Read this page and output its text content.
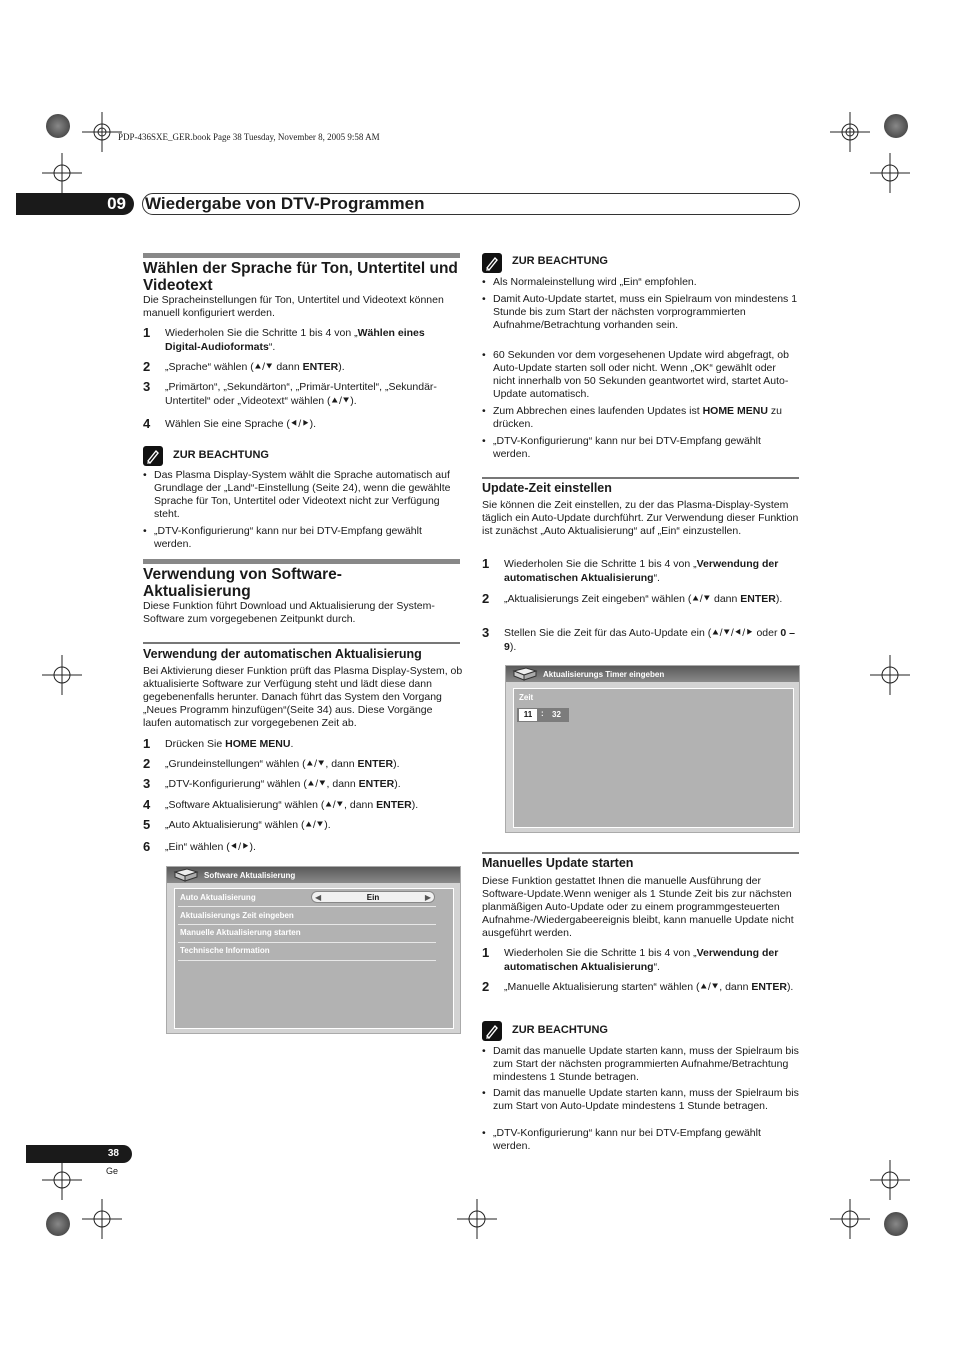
PDP-436SXE_GER.book Page 38 Tuesday, November 8, 2005 9:58 AM
09	Wiedergabe von DTV-Programmen
Wählen der Sprache für Ton, Untertitel und Videotext
Die Spracheinstellungen für Ton, Untertitel und Videotext können manuell konfiguriert werden.
1 Wiederholen Sie die Schritte 1 bis 4 von „Wählen eines Digital-Audioformats“.
2 „Sprache“ wählen (⯅/⯆ dann ENTER).
3 „Primärton“, „Sekundärton“, „Primär-Untertitel“, „Sekundär-Untertitel“ oder „Videotext“ wählen (⯅/⯆).
4 Wählen Sie eine Sprache (⯇/⯈).
ZUR BEACHTUNG
• Das Plasma Display-System wählt die Sprache automatisch auf Grundlage der „Land“-Einstellung (Seite 24), wenn die gewählte Sprache für Ton, Untertitel oder Videotext nicht zur Verfügung steht.
• „DTV-Konfigurierung“ kann nur bei DTV-Empfang gewählt werden.
Verwendung von Software-Aktualisierung
Diese Funktion führt Download und Aktualisierung der System-Software zum vorgegebenen Zeitpunkt durch.
Verwendung der automatischen Aktualisierung
Bei Aktivierung dieser Funktion prüft das Plasma Display-System, ob aktualisierte Software zur Verfügung steht und lädt diese dann gegebenenfalls herunter. Danach führt das System den Vorgang „Neues Programm hinzufügen“(Seite 34) aus. Diese Vorgänge laufen automatisch zur vorgegebenen Zeit ab.
1 Drücken Sie HOME MENU.
2 „Grundeinstellungen“ wählen (⯅/⯆, dann ENTER).
3 „DTV-Konfigurierung“ wählen (⯅/⯆, dann ENTER).
4 „Software Aktualisierung“ wählen (⯅/⯆, dann ENTER).
5 „Auto Aktualisierung“ wählen (⯅/⯆).
6 „Ein“ wählen (⯇/⯈).
Software Aktualisierung
Auto Aktualisierung	◀	Ein	▶
Aktualisierungs Zeit eingeben
Manuelle Aktualisierung starten
Technische Information
ZUR BEACHTUNG
• Als Normaleinstellung wird „Ein“ empfohlen.
• Damit Auto-Update startet, muss ein Spielraum von mindestens 1 Stunde bis zum Start der nächsten vorprogrammierten Aufnahme/Betrachtung vorhanden sein.
• 60 Sekunden vor dem vorgesehenen Update wird abgefragt, ob Auto-Update starten soll oder nicht. Wenn „OK“ gewählt oder nicht innerhalb von 50 Sekunden geantwortet wird, startet Auto-Update automatisch.
• Zum Abbrechen eines laufenden Updates ist HOME MENU zu drücken.
• „DTV-Konfigurierung“ kann nur bei DTV-Empfang gewählt werden.
Update-Zeit einstellen
Sie können die Zeit einstellen, zu der das Plasma-Display-System täglich ein Auto-Update durchführt. Zur Verwendung dieser Funktion ist zunächst „Auto Aktualisierung“ auf „Ein“ einzustellen.
1 Wiederholen Sie die Schritte 1 bis 4 von „Verwendung der automatischen Aktualisierung“.
2 „Aktualisierungs Zeit eingeben“ wählen (⯅/⯆ dann ENTER).
3 Stellen Sie die Zeit für das Auto-Update ein (⯅/⯆/⯇/⯈ oder 0 – 9).
Aktualisierungs Timer eingeben
Zeit
11	: 32
Manuelles Update starten
Diese Funktion gestattet Ihnen die manuelle Ausführung der Software-Update.Wenn weniger als 1 Stunde Zeit bis zur nächsten planmäßigen Auto-Update oder zu einem programmgesteuerten Aufnahme-/Wiedergabeereignis bleibt, kann manuelle Update nicht ausgeführt werden.
1 Wiederholen Sie die Schritte 1 bis 4 von „Verwendung der automatischen Aktualisierung“.
2 „Manuelle Aktualisierung starten“ wählen (⯅/⯆, dann ENTER).
ZUR BEACHTUNG
• Damit das manuelle Update starten kann, muss der Spielraum bis zum Start der nächsten programmierten Aufnahme/Betrachtung mindestens 1 Stunde betragen.
• Damit das manuelle Update starten kann, muss der Spielraum bis zum Start von Auto-Update mindestens 1 Stunde betragen.
• „DTV-Konfigurierung“ kann nur bei DTV-Empfang gewählt werden.
38
Ge
